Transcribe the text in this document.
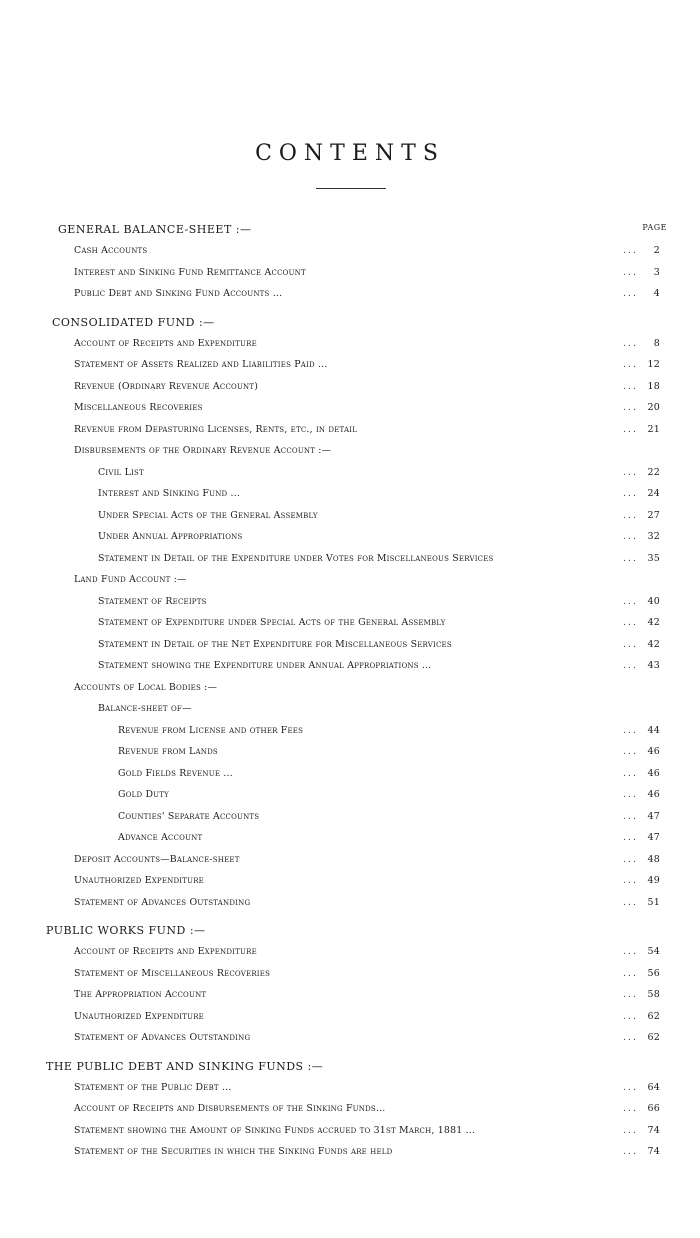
CONTENTS
PAGE
GENERAL BALANCE-SHEET :—
Cash Accounts	... 2
Interest and Sinking Fund Remittance Account	... 3
Public Debt and Sinking Fund Accounts ...	... 4
CONSOLIDATED FUND :—
Account of Receipts and Expenditure	... 8
Statement of Assets Realized and Liabilities Paid ...	... 12
Revenue (Ordinary Revenue Account)	... 18
Miscellaneous Recoveries	... 20
Revenue from Depasturing Licenses, Rents, etc., in detail	... 21
Disbursements of the Ordinary Revenue Account :—
Civil List	... 22
Interest and Sinking Fund ...	... 24
Under Special Acts of the General Assembly	... 27
Under Annual Appropriations	... 32
Statement in Detail of the Expenditure under Votes for Miscellaneous Services	... 35
Land Fund Account :—
Statement of Receipts	... 40
Statement of Expenditure under Special Acts of the General Assembly	... 42
Statement in Detail of the Net Expenditure for Miscellaneous Services	... 42
Statement showing the Expenditure under Annual Appropriations ...	... 43
Accounts of Local Bodies :—
Balance-sheet of—
Revenue from License and other Fees	... 44
Revenue from Lands	... 46
Gold Fields Revenue ...	... 46
Gold Duty	... 46
Counties' Separate Accounts	... 47
Advance Account	... 47
Deposit Accounts—Balance-sheet	... 48
Unauthorized Expenditure	... 49
Statement of Advances Outstanding	... 51
PUBLIC WORKS FUND :—
Account of Receipts and Expenditure	... 54
Statement of Miscellaneous Recoveries	... 56
The Appropriation Account	... 58
Unauthorized Expenditure	... 62
Statement of Advances Outstanding	... 62
THE PUBLIC DEBT AND SINKING FUNDS :—
Statement of the Public Debt ...	... 64
Account of Receipts and Disbursements of the Sinking Funds...	... 66
Statement showing the Amount of Sinking Funds accrued to 31st March, 1881 ...	... 74
Statement of the Securities in which the Sinking Funds are held	... 74
